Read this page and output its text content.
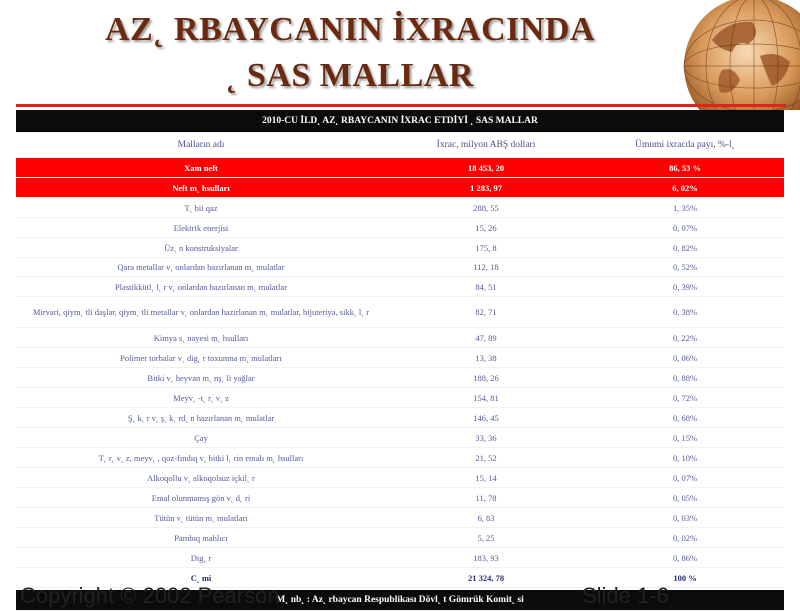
AZ˛ RBAYCANIN İXRACINDA
˛ SAS MALLAR
2010-CU İLD˛ AZ˛ RBAYCANIN İXRAC ETDİYİ ˛ SAS MALLAR
Malların adı	İxrac, milyon ABŞ dolları	Ümumi ixracda payı, %-l˛
Xam neft	18 453, 20	86, 53 %
Neft m˛ hsulları	1 283, 97	6, 02%
T˛ bii qaz	288, 55	1, 35%
Elektrik enerjisi	15, 26	0, 07%
Üz˛ n konstruksiyalar	175, 8	0, 82%
Qara metallar v˛ onlardan hazırlanan m˛ mulatlar	112, 18	0, 52%
Plastikkütl˛ l˛ r v˛ onlardan hazırlanan m˛ mulatlar	84, 51	0, 39%
Mirvari, qiym˛ tli daşlar, qiym˛ tli metallar v˛ onlardan hazırlanan m˛ mulatlar, bijuteriya, sikk˛ l˛ r	82, 71	0, 38%
Kimya s˛ nayesi m˛ hsulları	47, 89	0, 22%
Polimer torbalar v˛ dig˛ r toxunma m˛ mulatları	13, 38	0, 06%
Bitki v˛ heyvan m˛ nş˛ li yağlar	188, 26	0, 88%
Meyv˛ -t˛ r˛ v˛ z	154, 81	0, 72%
Ş˛ k˛ r v˛ ş˛ k˛ rd˛ n hazırlanan m˛ mulatlar	146, 45	0, 68%
Çay	33, 36	0, 15%
T˛ r˛ v˛ z, meyv˛ , qoz-fındıq v˛ bitki l˛ rin emalı m˛ hsulları	21, 52	0, 10%
Alkoqollu v˛ alkoqolsuz içkil˛ r	15, 14	0, 07%
Emal olunmamış gön v˛ d˛ ri	11, 78	0, 05%
Tütün v˛ tütün m˛ mulatları	6, 83	0, 03%
Pambıq mahlıcı	5, 25	0, 02%
Dig˛ r	183, 93	0, 86%
C˛ mi	21 324, 78	100 %
M˛ nb˛ : Az˛ rbaycan Respublikası Dövl˛ t Gömrük Komit˛ si
Copyright © 2002 Pearson	Slide 1-6
